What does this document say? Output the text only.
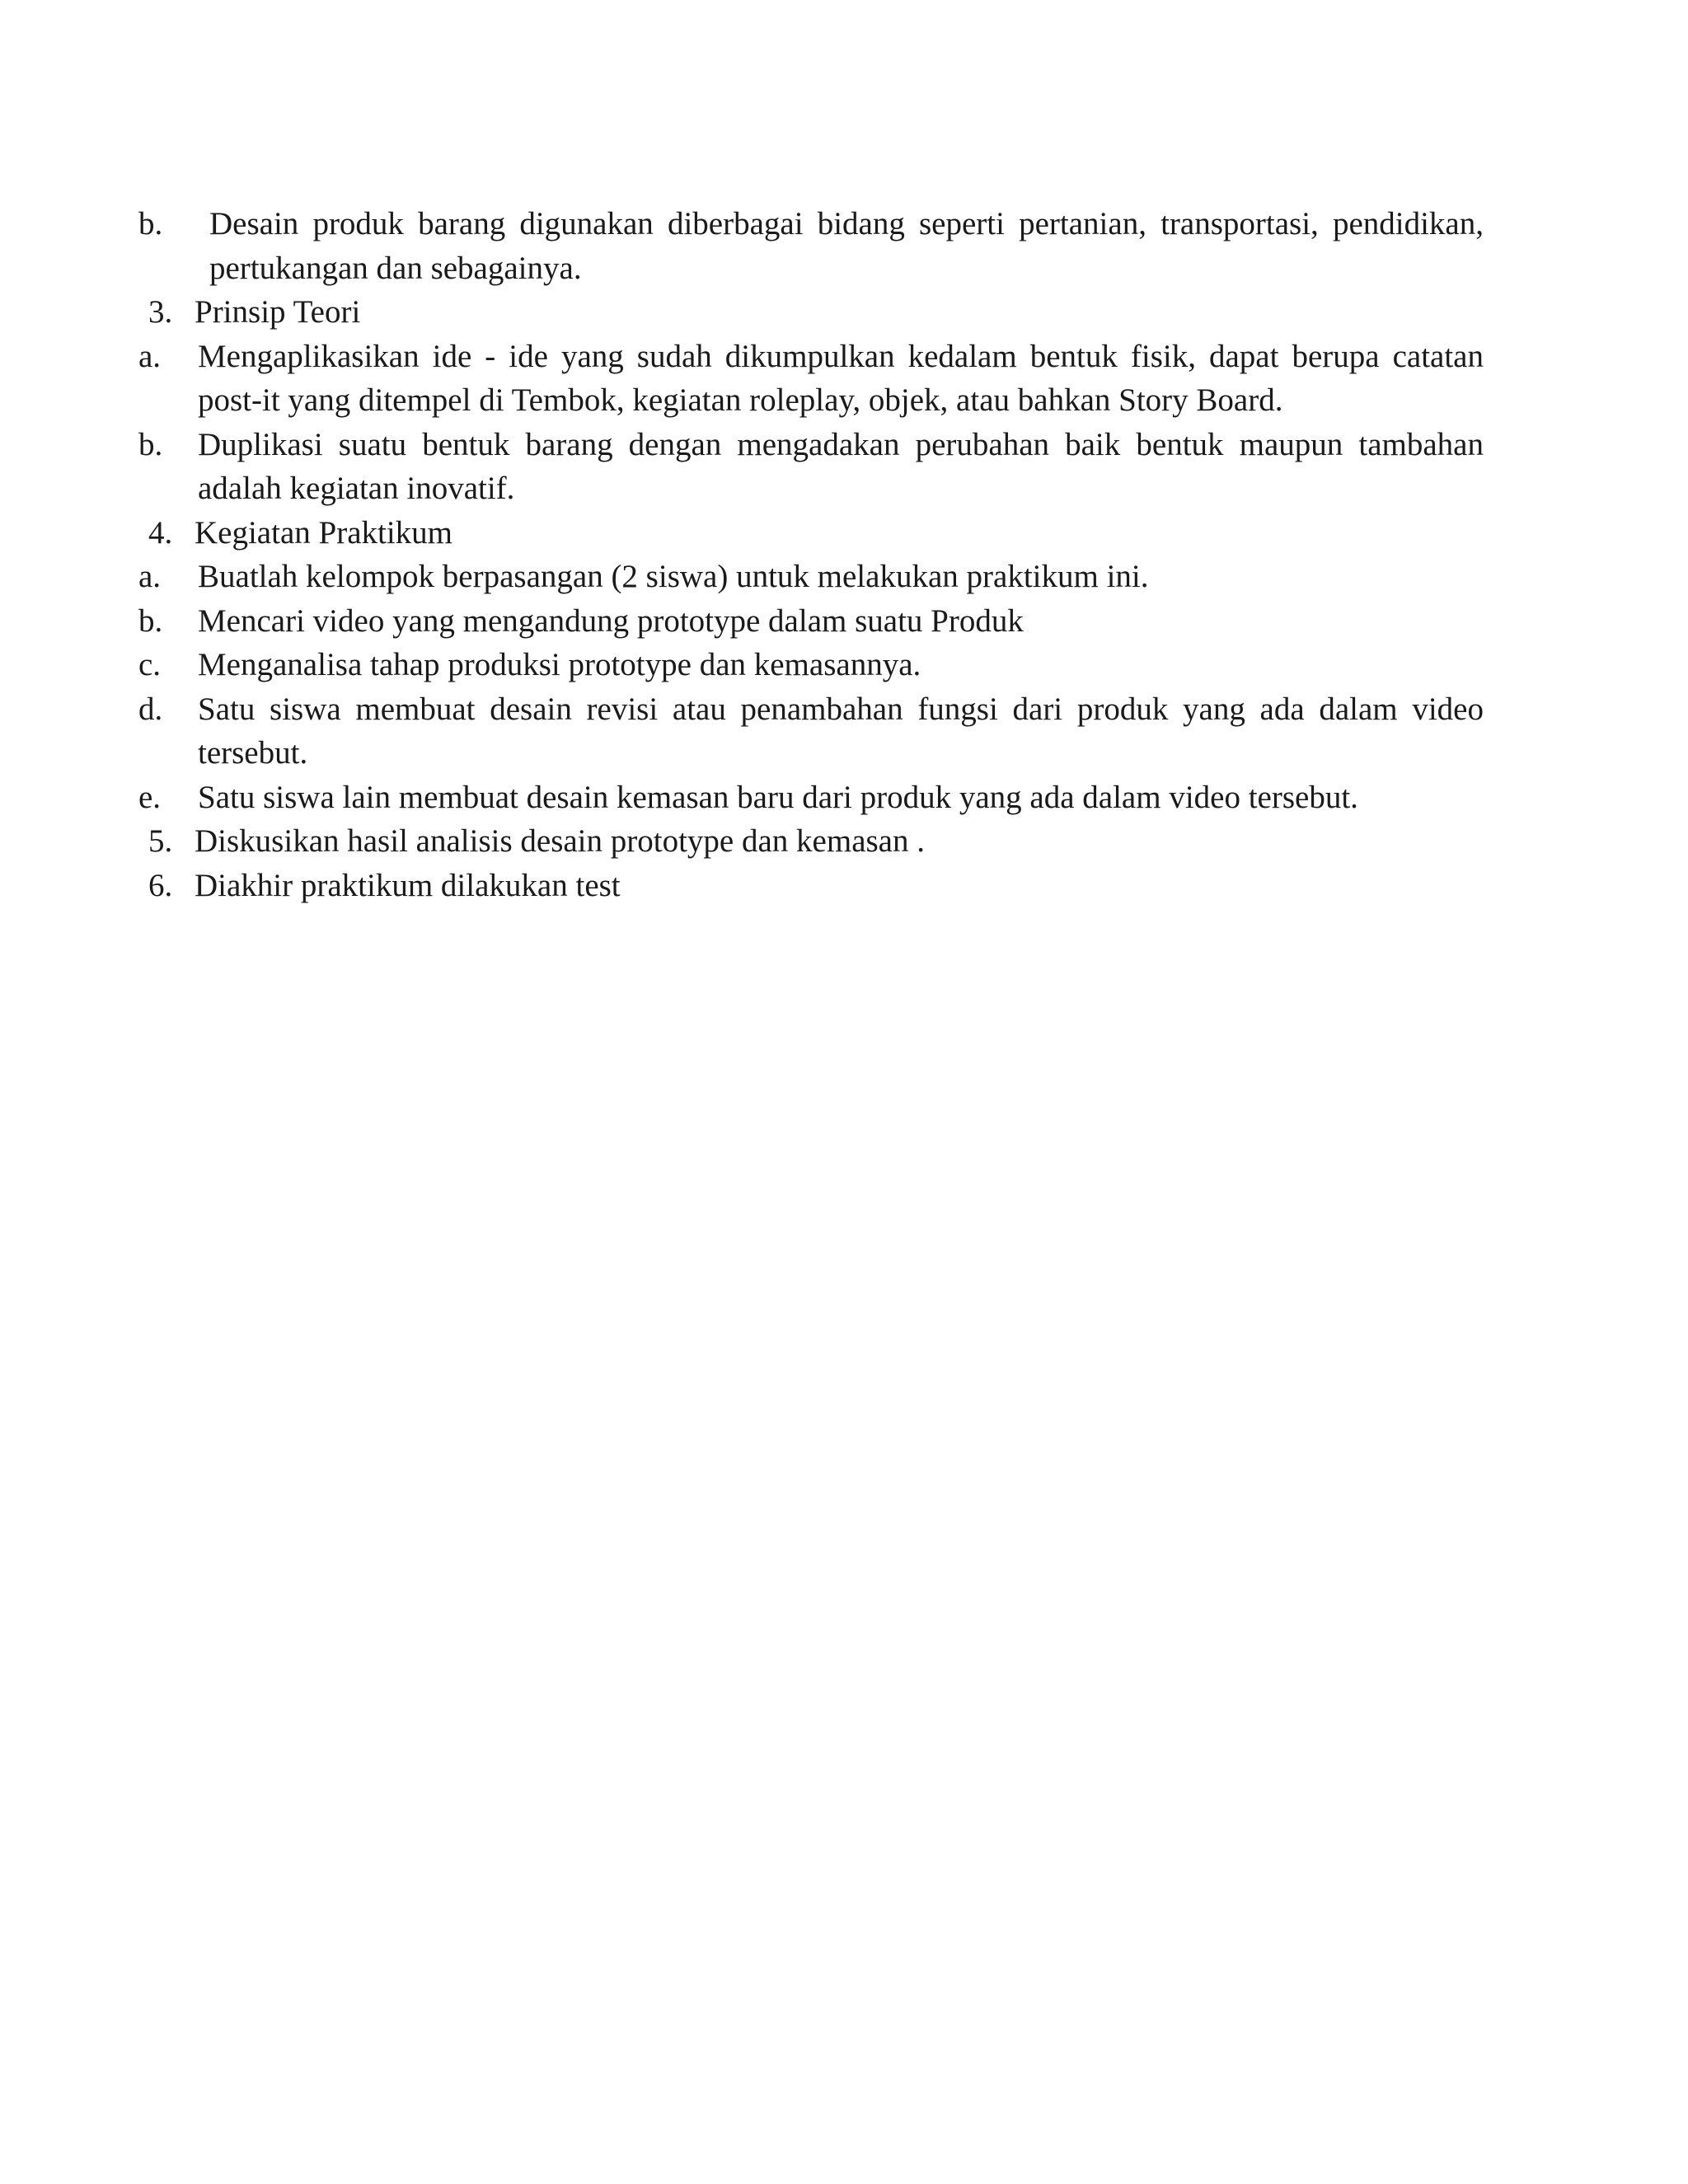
b.	Desain produk barang digunakan diberbagai bidang seperti pertanian, transportasi, pendidikan, pertukangan dan sebagainya.
3. Prinsip Teori
a.	Mengaplikasikan ide - ide yang sudah dikumpulkan kedalam bentuk fisik, dapat berupa catatan post-it yang ditempel di Tembok, kegiatan roleplay, objek, atau bahkan Story Board.
b.	Duplikasi suatu bentuk barang dengan mengadakan perubahan baik bentuk maupun tambahan adalah kegiatan inovatif.
4. Kegiatan Praktikum
a.	Buatlah kelompok berpasangan (2 siswa) untuk melakukan praktikum ini.
b.	Mencari video yang mengandung prototype dalam suatu Produk
c.	Menganalisa tahap produksi prototype dan kemasannya.
d.	Satu siswa membuat desain revisi atau penambahan fungsi dari produk yang ada dalam video tersebut.
e.	Satu siswa lain membuat desain kemasan baru dari produk yang ada dalam video tersebut.
5. Diskusikan hasil analisis desain prototype dan kemasan .
6. Diakhir praktikum dilakukan test
